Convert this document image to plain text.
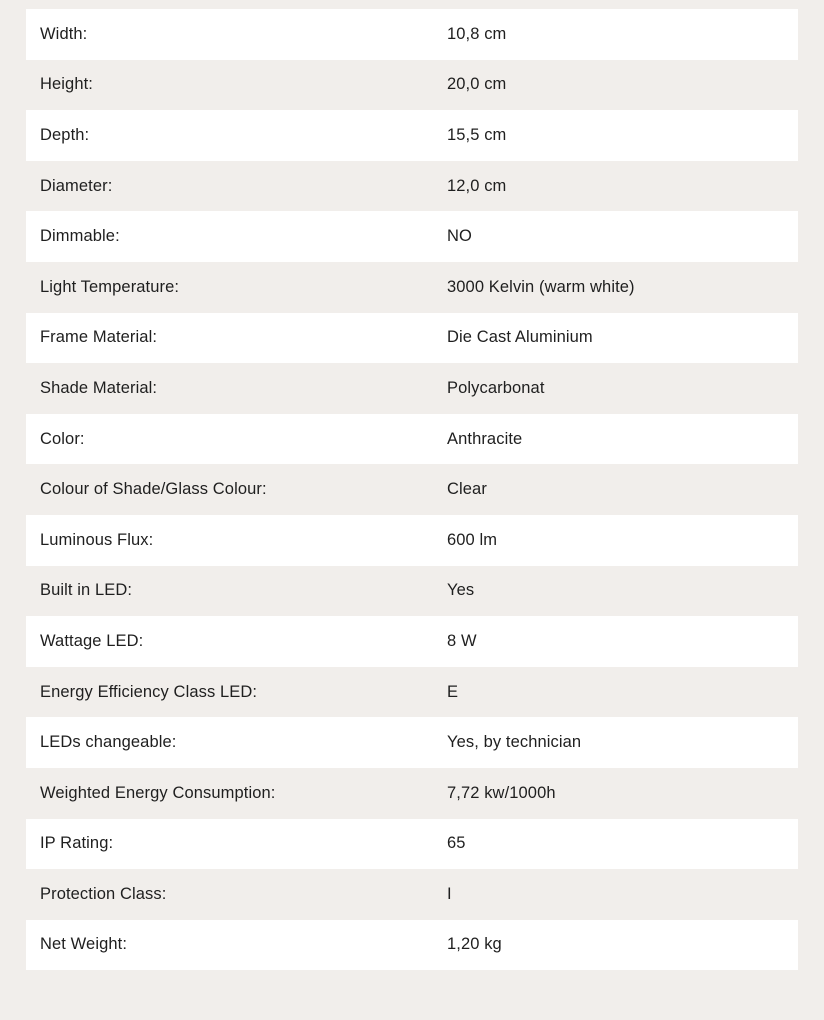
Width:	10,8 cm
Height:	20,0 cm
Depth:	15,5 cm
Diameter:	12,0 cm
Dimmable:	NO
Light Temperature:	3000 Kelvin (warm white)
Frame Material:	Die Cast Aluminium
Shade Material:	Polycarbonat
Color:	Anthracite
Colour of Shade/Glass Colour:	Clear
Luminous Flux:	600 lm
Built in LED:	Yes
Wattage LED:	8 W
Energy Efficiency Class LED:	E
LEDs changeable:	Yes, by technician
Weighted Energy Consumption:	7,72 kw/1000h
IP Rating:	65
Protection Class:	I
Net Weight:	1,20 kg
